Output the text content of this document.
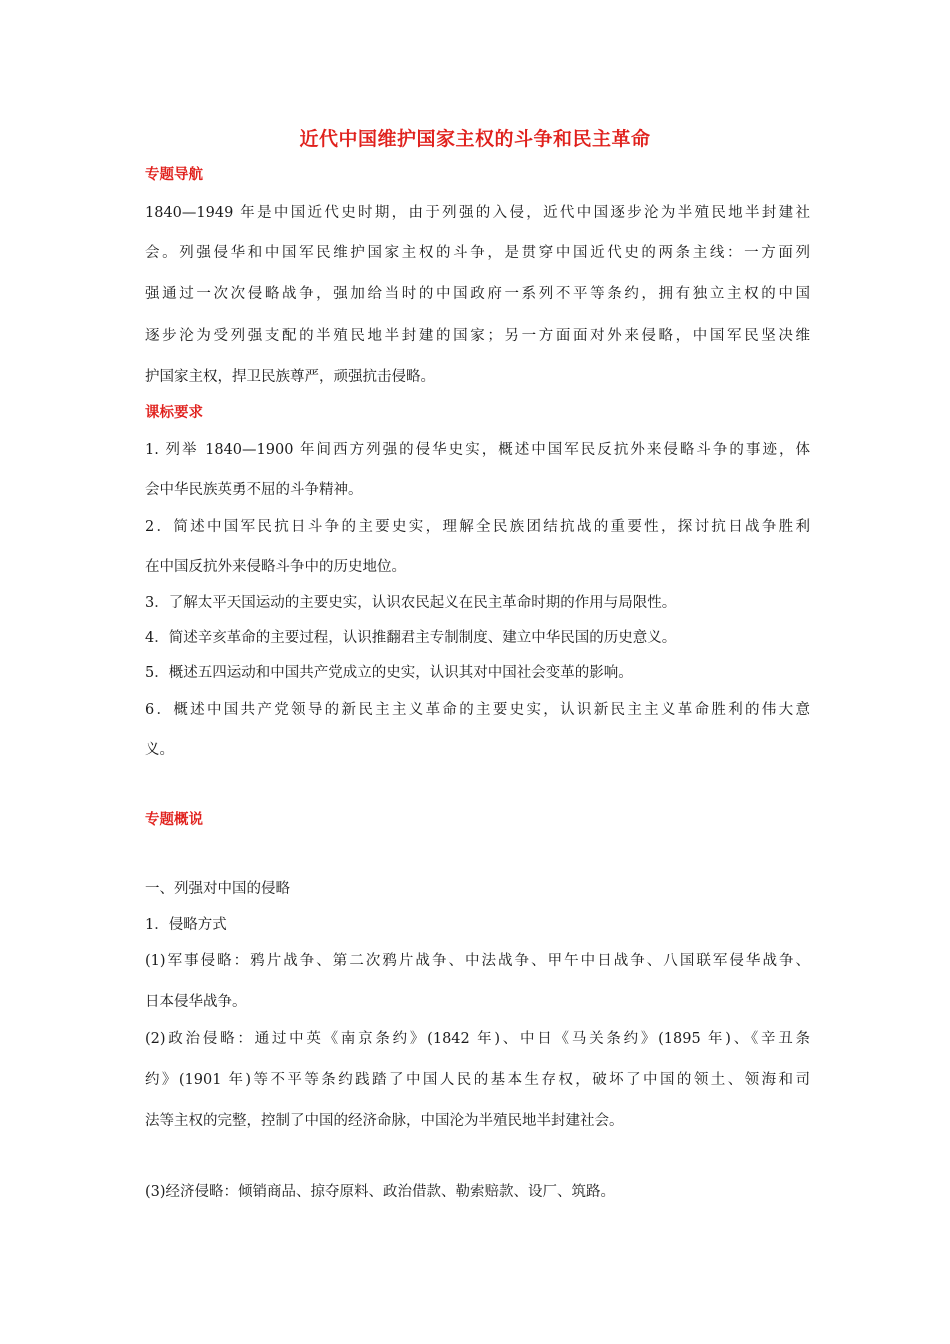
近代中国维护国家主权的斗争和民主革命
专题导航
1840—1949 年是中国近代史时期，由于列强的入侵，近代中国逐步沦为半殖民地半封建社
会。列强侵华和中国军民维护国家主权的斗争，是贯穿中国近代史的两条主线：一方面列
强通过一次次侵略战争，强加给当时的中国政府一系列不平等条约，拥有独立主权的中国
逐步沦为受列强支配的半殖民地半封建的国家；另一方面面对外来侵略，中国军民坚决维
护国家主权，捍卫民族尊严，顽强抗击侵略。
课标要求
1. 列举 1840—1900 年间西方列强的侵华史实，概述中国军民反抗外来侵略斗争的事迹，体
会中华民族英勇不屈的斗争精神。
2．简述中国军民抗日斗争的主要史实，理解全民族团结抗战的重要性，探讨抗日战争胜利
在中国反抗外来侵略斗争中的历史地位。
3．了解太平天国运动的主要史实，认识农民起义在民主革命时期的作用与局限性。
4．简述辛亥革命的主要过程，认识推翻君主专制制度、建立中华民国的历史意义。
5．概述五四运动和中国共产党成立的史实，认识其对中国社会变革的影响。
6．概述中国共产党领导的新民主主义革命的主要史实，认识新民主主义革命胜利的伟大意
义。
专题概说
一、列强对中国的侵略
1．侵略方式
(1)军事侵略：鸦片战争、第二次鸦片战争、中法战争、甲午中日战争、八国联军侵华战争、
日本侵华战争。
(2)政治侵略：通过中英《南京条约》(1842 年)、中日《马关条约》(1895 年)、《辛丑条
约》(1901 年)等不平等条约践踏了中国人民的基本生存权，破坏了中国的领土、领海和司
法等主权的完整，控制了中国的经济命脉，中国沦为半殖民地半封建社会。
(3)经济侵略：倾销商品、掠夺原料、政治借款、勒索赔款、设厂、筑路。
